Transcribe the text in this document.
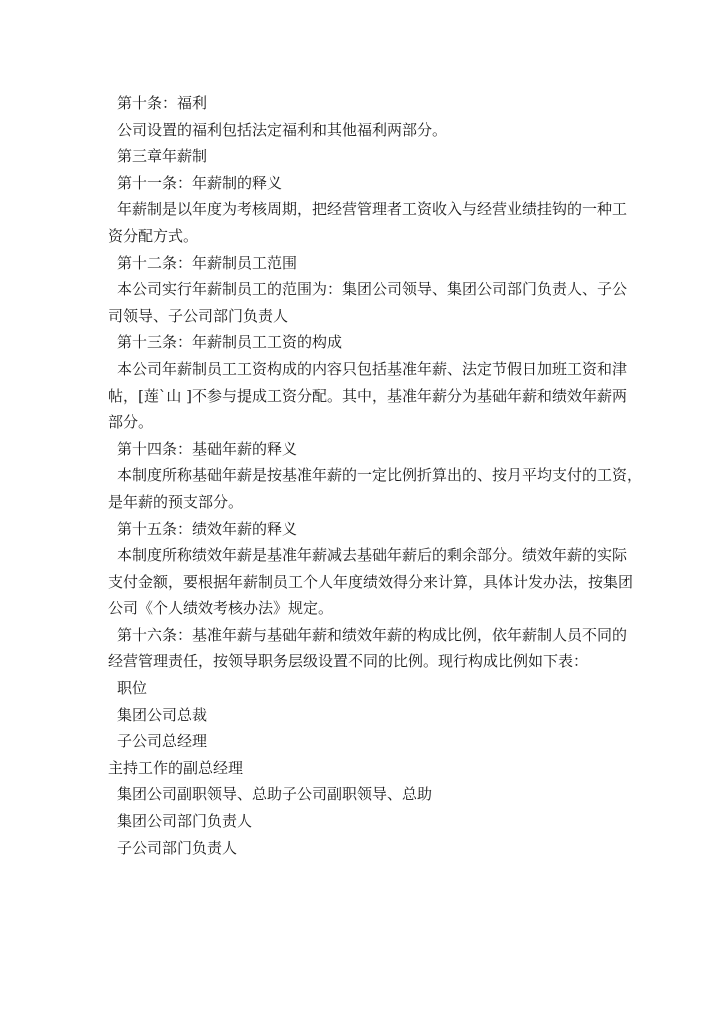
第十条：福利
公司设置的福利包括法定福利和其他福利两部分。
第三章年薪制
第十一条：年薪制的释义
年薪制是以年度为考核周期，把经营管理者工资收入与经营业绩挂钩的一种工
资分配方式。
第十二条：年薪制员工范围
本公司实行年薪制员工的范围为：集团公司领导、集团公司部门负责人、子公
司领导、子公司部门负责人
第十三条：年薪制员工工资的构成
本公司年薪制员工工资构成的内容只包括基准年薪、法定节假日加班工资和津
帖，[莲`山 ]不参与提成工资分配。其中，基准年薪分为基础年薪和绩效年薪两
部分。
第十四条：基础年薪的释义
本制度所称基础年薪是按基准年薪的一定比例折算出的、按月平均支付的工资，
是年薪的预支部分。
第十五条：绩效年薪的释义
本制度所称绩效年薪是基准年薪减去基础年薪后的剩余部分。绩效年薪的实际
支付金额，要根据年薪制员工个人年度绩效得分来计算，具体计发办法，按集团
公司《个人绩效考核办法》规定。
第十六条：基准年薪与基础年薪和绩效年薪的构成比例，依年薪制人员不同的
经营管理责任，按领导职务层级设置不同的比例。现行构成比例如下表：
职位
集团公司总裁
子公司总经理
主持工作的副总经理
集团公司副职领导、总助子公司副职领导、总助
集团公司部门负责人
子公司部门负责人
